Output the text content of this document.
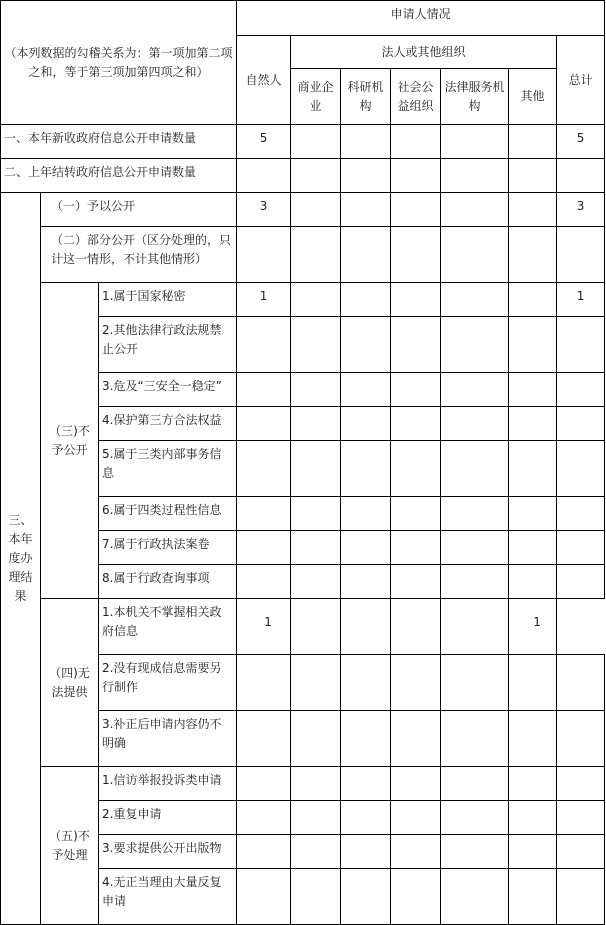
（本列数据的勾稽关系为：第一项加第二项之和，等于第三项加第四项之和）			申请人情况						
			自然人	法人或其他组织					总计
				商业企业	科研机构	社会公益组织	法律服务机构	其他	
一、本年新收政府信息公开申请数量			5						5
二、上年结转政府信息公开申请数量									
三、本年度办理结果	（一）予以公开		3						3
	（二）部分公开（区分处理的，只计这一情形，不计其他情形）								
	（三)不予公开	1.属于国家秘密	1						1
		2.其他法律行政法规禁止公开							
		3.危及“三安全一稳定”							
		4.保护第三方合法权益							
		5.属于三类内部事务信息							
		6.属于四类过程性信息							
		7.属于行政执法案卷							
		8.属于行政查询事项							
	（四)无法提供	1.本机关不掌握相关政府信息	1					1	
		2.没有现成信息需要另行制作							
		3.补正后申请内容仍不明确							
	（五)不予处理	1.信访举报投诉类申请							
		2.重复申请							
		3.要求提供公开出版物							
		4.无正当理由大量反复申请							
